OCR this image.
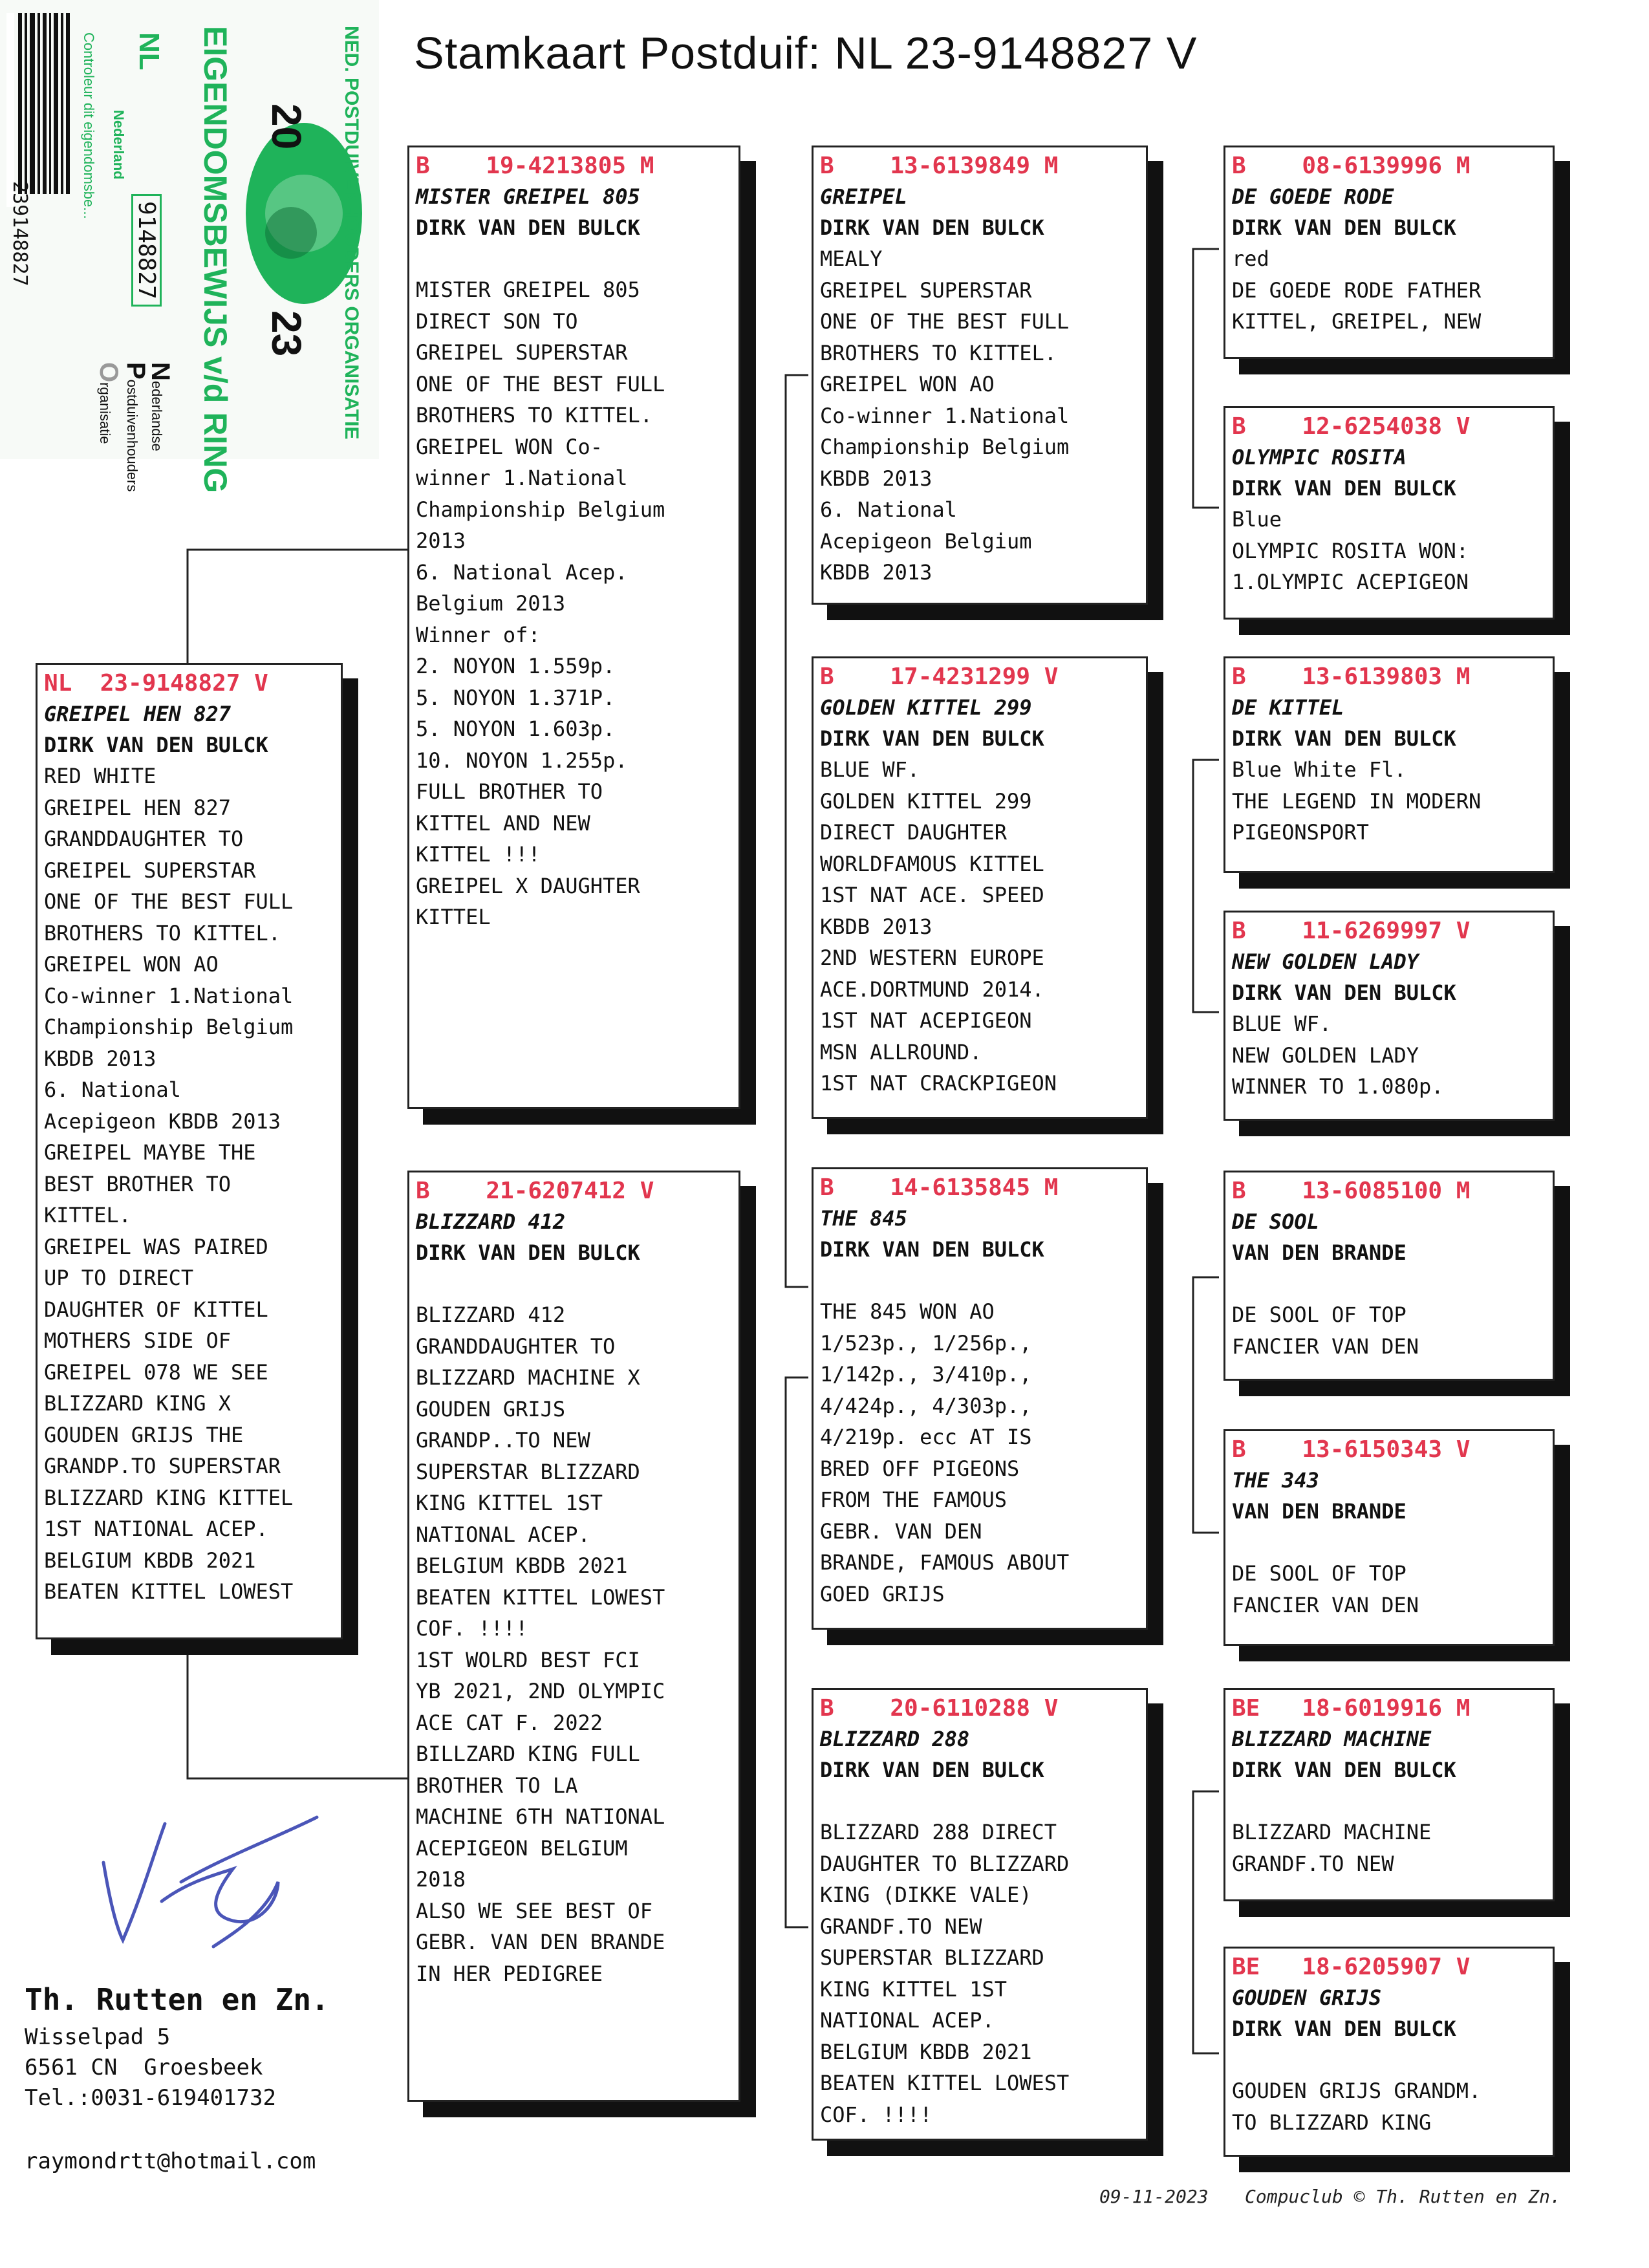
NED. POSTDUIVENHOUDERS ORGANISATIE
EIGENDOMSBEWIJS v/d RING 20
23
NL
Nederland
Controleur dit eigendomsbe...
9148827
239148827
Nederlandse
Postduivenhouders
Organisatie
Stamkaart Postduif: NL 23-9148827 V
NL  23-9148827 V
GREIPEL HEN 827
DIRK VAN DEN BULCK
RED WHITE
GREIPEL HEN 827
GRANDDAUGHTER TO
GREIPEL SUPERSTAR
ONE OF THE BEST FULL
BROTHERS TO KITTEL.
GREIPEL WON AO
Co-winner 1.National
Championship Belgium
KBDB 2013
6. National
Acepigeon KBDB 2013
GREIPEL MAYBE THE
BEST BROTHER TO
KITTEL.
GREIPEL WAS PAIRED
UP TO DIRECT
DAUGHTER OF KITTEL
MOTHERS SIDE OF
GREIPEL 078 WE SEE
BLIZZARD KING X
GOUDEN GRIJS THE
GRANDP.TO SUPERSTAR
BLIZZARD KING KITTEL
1ST NATIONAL ACEP.
BELGIUM KBDB 2021
BEATEN KITTEL LOWEST
B    19-4213805 M
MISTER GREIPEL 805
DIRK VAN DEN BULCK
MISTER GREIPEL 805
DIRECT SON TO
GREIPEL SUPERSTAR
ONE OF THE BEST FULL
BROTHERS TO KITTEL.
GREIPEL WON Co-
winner 1.National
Championship Belgium
2013
6. National Acep.
Belgium 2013
Winner of:
2. NOYON 1.559p.
5. NOYON 1.371P.
5. NOYON 1.603p.
10. NOYON 1.255p.
FULL BROTHER TO
KITTEL AND NEW
KITTEL !!!
GREIPEL X DAUGHTER
KITTEL
B    21-6207412 V
BLIZZARD 412
DIRK VAN DEN BULCK
BLIZZARD 412
GRANDDAUGHTER TO
BLIZZARD MACHINE X
GOUDEN GRIJS
GRANDP..TO NEW
SUPERSTAR BLIZZARD
KING KITTEL 1ST
NATIONAL ACEP.
BELGIUM KBDB 2021
BEATEN KITTEL LOWEST
COF. !!!!
1ST WOLRD BEST FCI
YB 2021, 2ND OLYMPIC
ACE CAT F. 2022
BILLZARD KING FULL
BROTHER TO LA
MACHINE 6TH NATIONAL
ACEPIGEON BELGIUM
2018
ALSO WE SEE BEST OF
GEBR. VAN DEN BRANDE
IN HER PEDIGREE
B    13-6139849 M
GREIPEL
DIRK VAN DEN BULCK
MEALY
GREIPEL SUPERSTAR
ONE OF THE BEST FULL
BROTHERS TO KITTEL.
GREIPEL WON AO
Co-winner 1.National
Championship Belgium
KBDB 2013
6. National
Acepigeon Belgium
KBDB 2013
B    17-4231299 V
GOLDEN KITTEL 299
DIRK VAN DEN BULCK
BLUE WF.
GOLDEN KITTEL 299
DIRECT DAUGHTER
WORLDFAMOUS KITTEL
1ST NAT ACE. SPEED
KBDB 2013
2ND WESTERN EUROPE
ACE.DORTMUND 2014.
1ST NAT ACEPIGEON
MSN ALLROUND.
1ST NAT CRACKPIGEON
B    14-6135845 M
THE 845
DIRK VAN DEN BULCK
THE 845 WON AO
1/523p., 1/256p.,
1/142p., 3/410p.,
4/424p., 4/303p.,
4/219p. ecc AT IS
BRED OFF PIGEONS
FROM THE FAMOUS
GEBR. VAN DEN
BRANDE, FAMOUS ABOUT
GOED GRIJS
B    20-6110288 V
BLIZZARD 288
DIRK VAN DEN BULCK
BLIZZARD 288 DIRECT
DAUGHTER TO BLIZZARD
KING (DIKKE VALE)
GRANDF.TO NEW
SUPERSTAR BLIZZARD
KING KITTEL 1ST
NATIONAL ACEP.
BELGIUM KBDB 2021
BEATEN KITTEL LOWEST
COF. !!!!
B    08-6139996 M
DE GOEDE RODE
DIRK VAN DEN BULCK
red
DE GOEDE RODE FATHER
KITTEL, GREIPEL, NEW
B    12-6254038 V
OLYMPIC ROSITA
DIRK VAN DEN BULCK
Blue
OLYMPIC ROSITA WON:
1.OLYMPIC ACEPIGEON
B    13-6139803 M
DE KITTEL
DIRK VAN DEN BULCK
Blue White Fl.
THE LEGEND IN MODERN
PIGEONSPORT
B    11-6269997 V
NEW GOLDEN LADY
DIRK VAN DEN BULCK
BLUE WF.
NEW GOLDEN LADY
WINNER TO 1.080p.
B    13-6085100 M
DE SOOL
VAN DEN BRANDE
DE SOOL OF TOP
FANCIER VAN DEN
B    13-6150343 V
THE 343
VAN DEN BRANDE
DE SOOL OF TOP
FANCIER VAN DEN
BE   18-6019916 M
BLIZZARD MACHINE
DIRK VAN DEN BULCK
BLIZZARD MACHINE
GRANDF.TO NEW
BE   18-6205907 V
GOUDEN GRIJS
DIRK VAN DEN BULCK
GOUDEN GRIJS GRANDM.
TO BLIZZARD KING
Th. Rutten en Zn.
Wisselpad 5
6561 CN  Groesbeek
Tel.:0031-619401732
raymondrtt@hotmail.com
09-11-2023 Compuclub © Th. Rutten en Zn.
